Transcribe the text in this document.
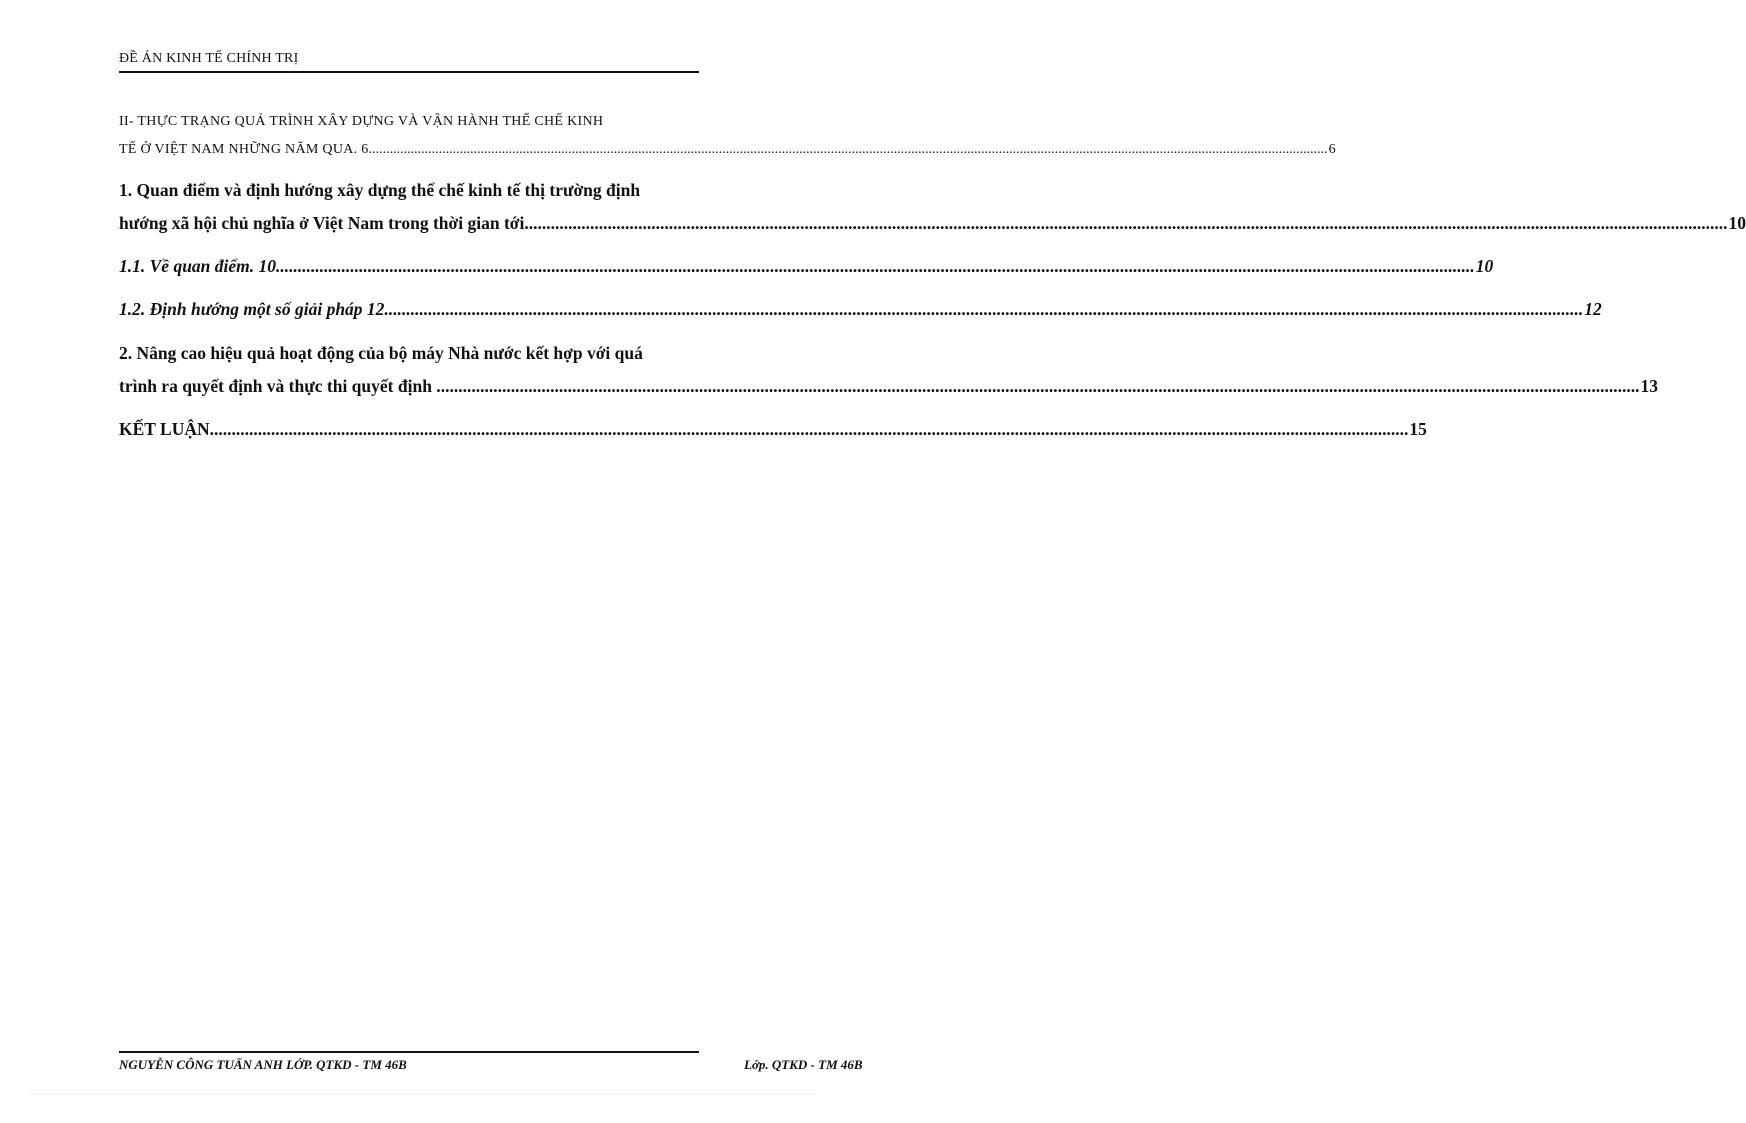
ĐỀ ÁN KINH TẾ CHÍNH TRỊ
II- THỰC TRẠNG QUÁ TRÌNH XÂY DỰNG VÀ VẬN HÀNH THỂ CHẾ KINH
TẾ Ở VIỆT NAM NHỮNG NĂM QUA. 6 .....	6
1. Quan điểm và định hướng xây dựng thể chế kinh tế thị trường định
hướng xã hội chủ nghĩa ở Việt Nam trong thời gian tới. .....	10
1.1. Về quan điểm. 10 .....	10
1.2. Định hướng một số giải pháp 12 .....	12
2. Nâng cao hiệu quả hoạt động của bộ máy Nhà nước kết hợp với quá
trình ra quyết định và thực thi quyết định . .....	13
KẾT LUẬN .....	15
NGUYỄN CÔNG TUẤN ANH LỚP. QTKD - TM 46B	Lớp. QTKD - TM 46B
